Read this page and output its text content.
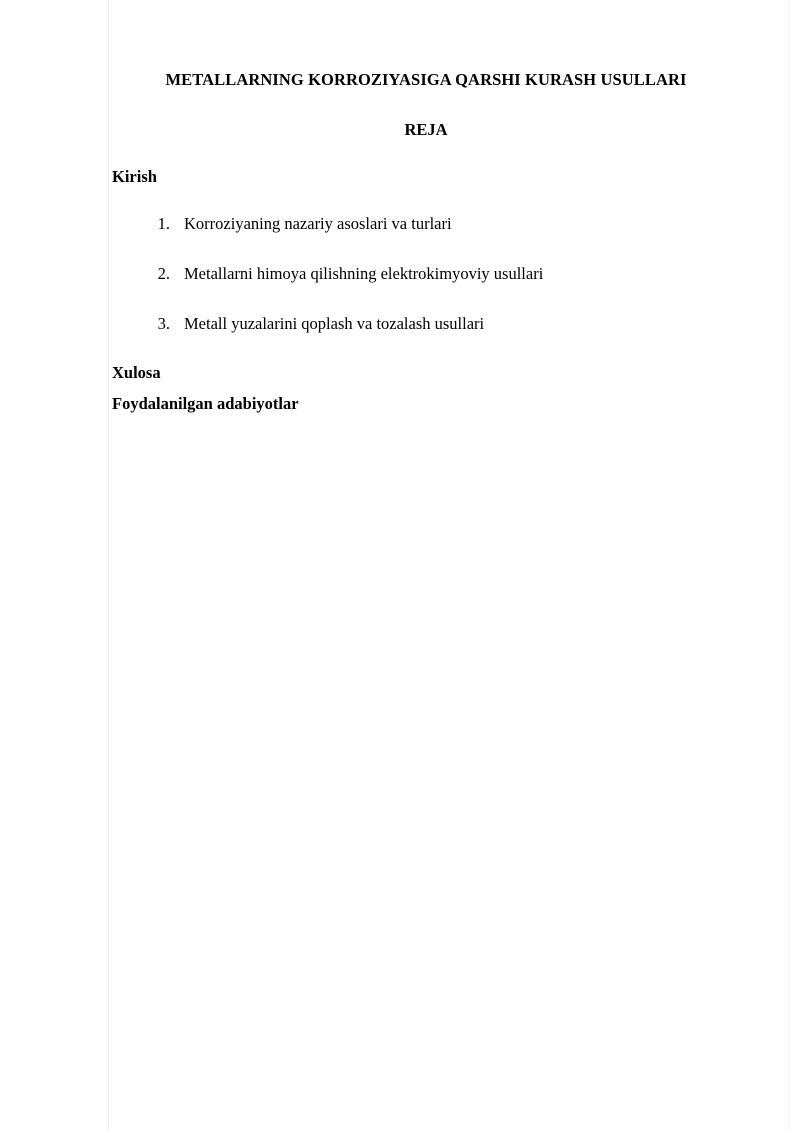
METALLARNING KORROZIYASIGA QARSHI KURASH USULLARI
REJA

Kirish

1. Korroziyaning nazariy asoslari va turlari
2. Metallarni himoya qilishning elektrokimyoviy usullari
3. Metall yuzalarini qoplash va tozalash usullari

Xulosa

Foydalanilgan adabiyotlar
